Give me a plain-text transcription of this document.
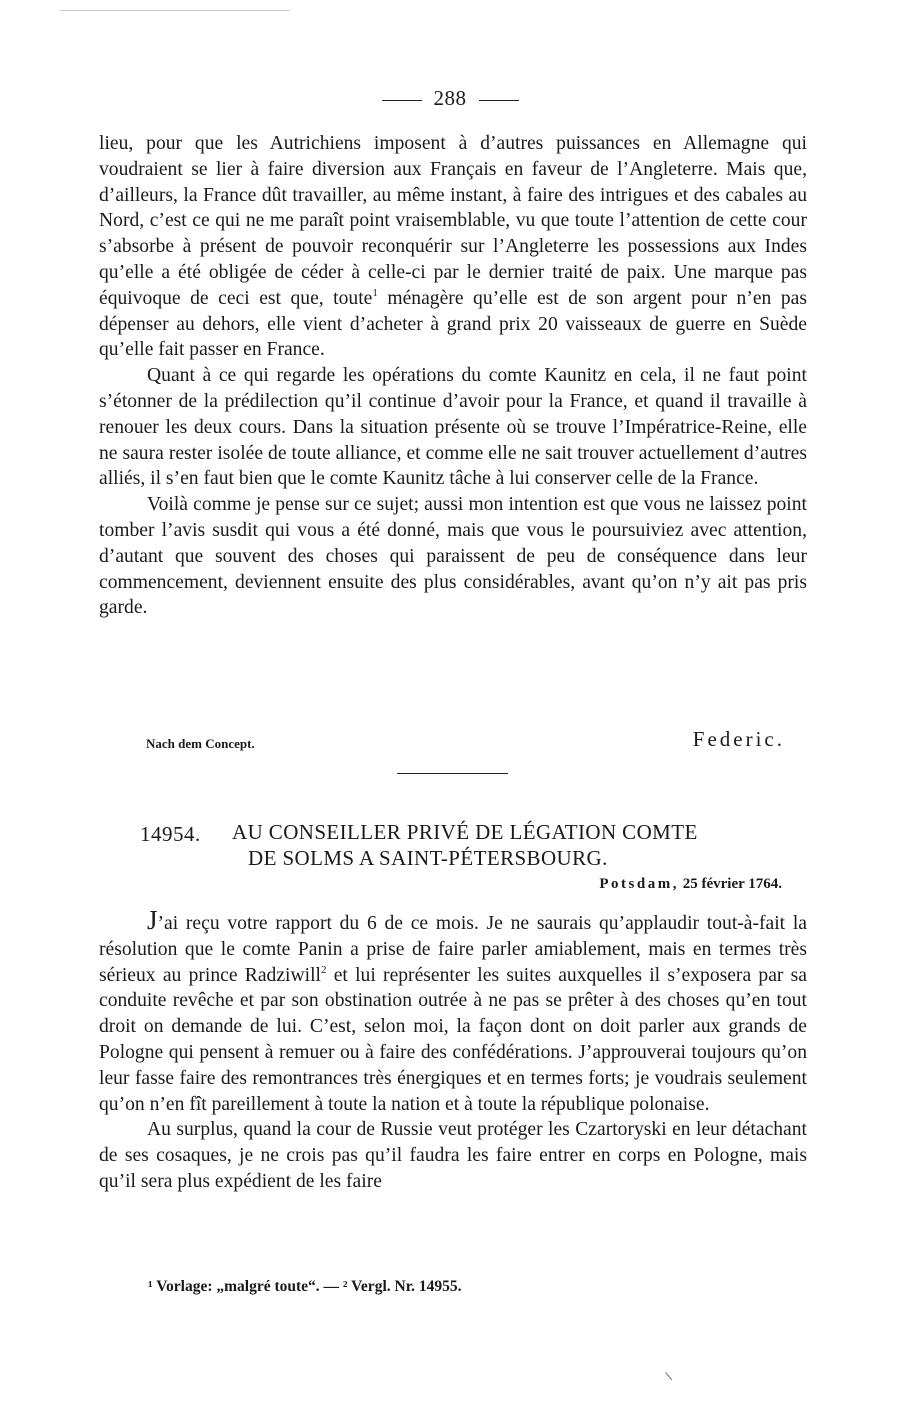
288

lieu, pour que les Autrichiens imposent à d’autres puissances en Allemagne qui voudraient se lier à faire diversion aux Français en faveur de l’Angleterre. Mais que, d’ailleurs, la France dût travailler, au même instant, à faire des intrigues et des cabales au Nord, c’est ce qui ne me paraît point vraisemblable, vu que toute l’attention de cette cour s’absorbe à présent de pouvoir reconquérir sur l’Angleterre les possessions aux Indes qu’elle a été obligée de céder à celle-ci par le dernier traité de paix. Une marque pas équivoque de ceci est que, toute$^1$ ménagère qu’elle est de son argent pour n’en pas dépenser au dehors, elle vient d’acheter à grand prix 20 vaisseaux de guerre en Suède qu’elle fait passer en France.

Quant à ce qui regarde les opérations du comte Kaunitz en cela, il ne faut point s’étonner de la prédilection qu’il continue d’avoir pour la France, et quand il travaille à renouer les deux cours. Dans la situation présente où se trouve l’Impératrice-Reine, elle ne saura rester isolée de toute alliance, et comme elle ne sait trouver actuellement d’autres alliés, il s’en faut bien que le comte Kaunitz tâche à lui conserver celle de la France.

Voilà comme je pense sur ce sujet; aussi mon intention est que vous ne laissez point tomber l’avis susdit qui vous a été donné, mais que vous le poursuiviez avec attention, d’autant que souvent des choses qui paraissent de peu de conséquence dans leur commencement, deviennent ensuite des plus considérables, avant qu’on n’y ait pas pris garde.

Nach dem Concept.	Federic.
14954. AU CONSEILLER PRIVÉ DE LÉGATION COMTE
DE SOLMS A SAINT-PÉTERSBOURG.
Potsdam, 25 février 1764.

J’ai reçu votre rapport du 6 de ce mois. Je ne saurais qu’applaudir tout-à-fait la résolution que le comte Panin a prise de faire parler amiablement, mais en termes très sérieux au prince Radziwill$^2$ et lui représenter les suites auxquelles il s’exposera par sa conduite revêche et par son obstination outrée à ne pas se prêter à des choses qu’en tout droit on demande de lui. C’est, selon moi, la façon dont on doit parler aux grands de Pologne qui pensent à remuer ou à faire des confédérations. J’approuverai toujours qu’on leur fasse faire des remontrances très énergiques et en termes forts; je voudrais seulement qu’on n’en fît pareillement à toute la nation et à toute la république polonaise.

Au surplus, quand la cour de Russie veut protéger les Czartoryski en leur détachant de ses cosaques, je ne crois pas qu’il faudra les faire entrer en corps en Pologne, mais qu’il sera plus expédient de les faire

¹ Vorlage: „malgré toute“. — ² Vergl. Nr. 14955.
